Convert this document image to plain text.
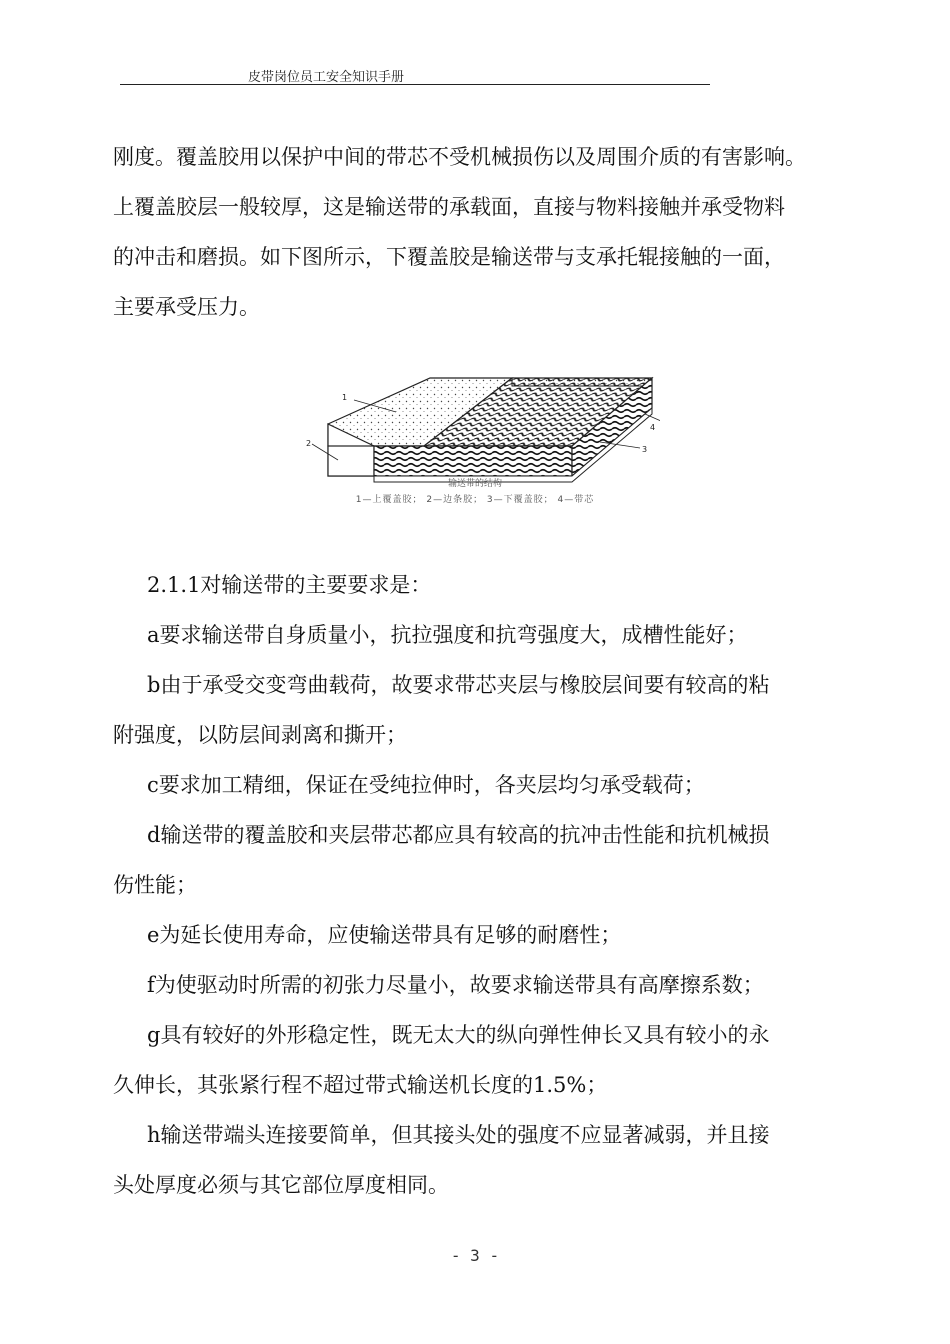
皮带岗位员工安全知识手册

刚度。覆盖胶用以保护中间的带芯不受机械损伤以及周围介质的有害影响。
上覆盖胶层一般较厚，这是输送带的承载面，直接与物料接触并承受物料
的冲击和磨损。如下图所示，下覆盖胶是输送带与支承托辊接触的一面，
主要承受压力。

1
2
3
4
输送带的结构
1—上覆盖胶； 2—边条胶； 3—下覆盖胶； 4—带芯
2.1.1对输送带的主要要求是：
a要求输送带自身质量小，抗拉强度和抗弯强度大，成槽性能好；
b由于承受交变弯曲载荷，故要求带芯夹层与橡胶层间要有较高的粘
附强度，以防层间剥离和撕开；
c要求加工精细，保证在受纯拉伸时，各夹层均匀承受载荷；
d输送带的覆盖胶和夹层带芯都应具有较高的抗冲击性能和抗机械损
伤性能；
e为延长使用寿命，应使输送带具有足够的耐磨性；
f为使驱动时所需的初张力尽量小，故要求输送带具有高摩擦系数；
g具有较好的外形稳定性，既无太大的纵向弹性伸长又具有较小的永
久伸长，其张紧行程不超过带式输送机长度的1.5%；
h输送带端头连接要简单，但其接头处的强度不应显著减弱，并且接
头处厚度必须与其它部位厚度相同。
- 3 -
